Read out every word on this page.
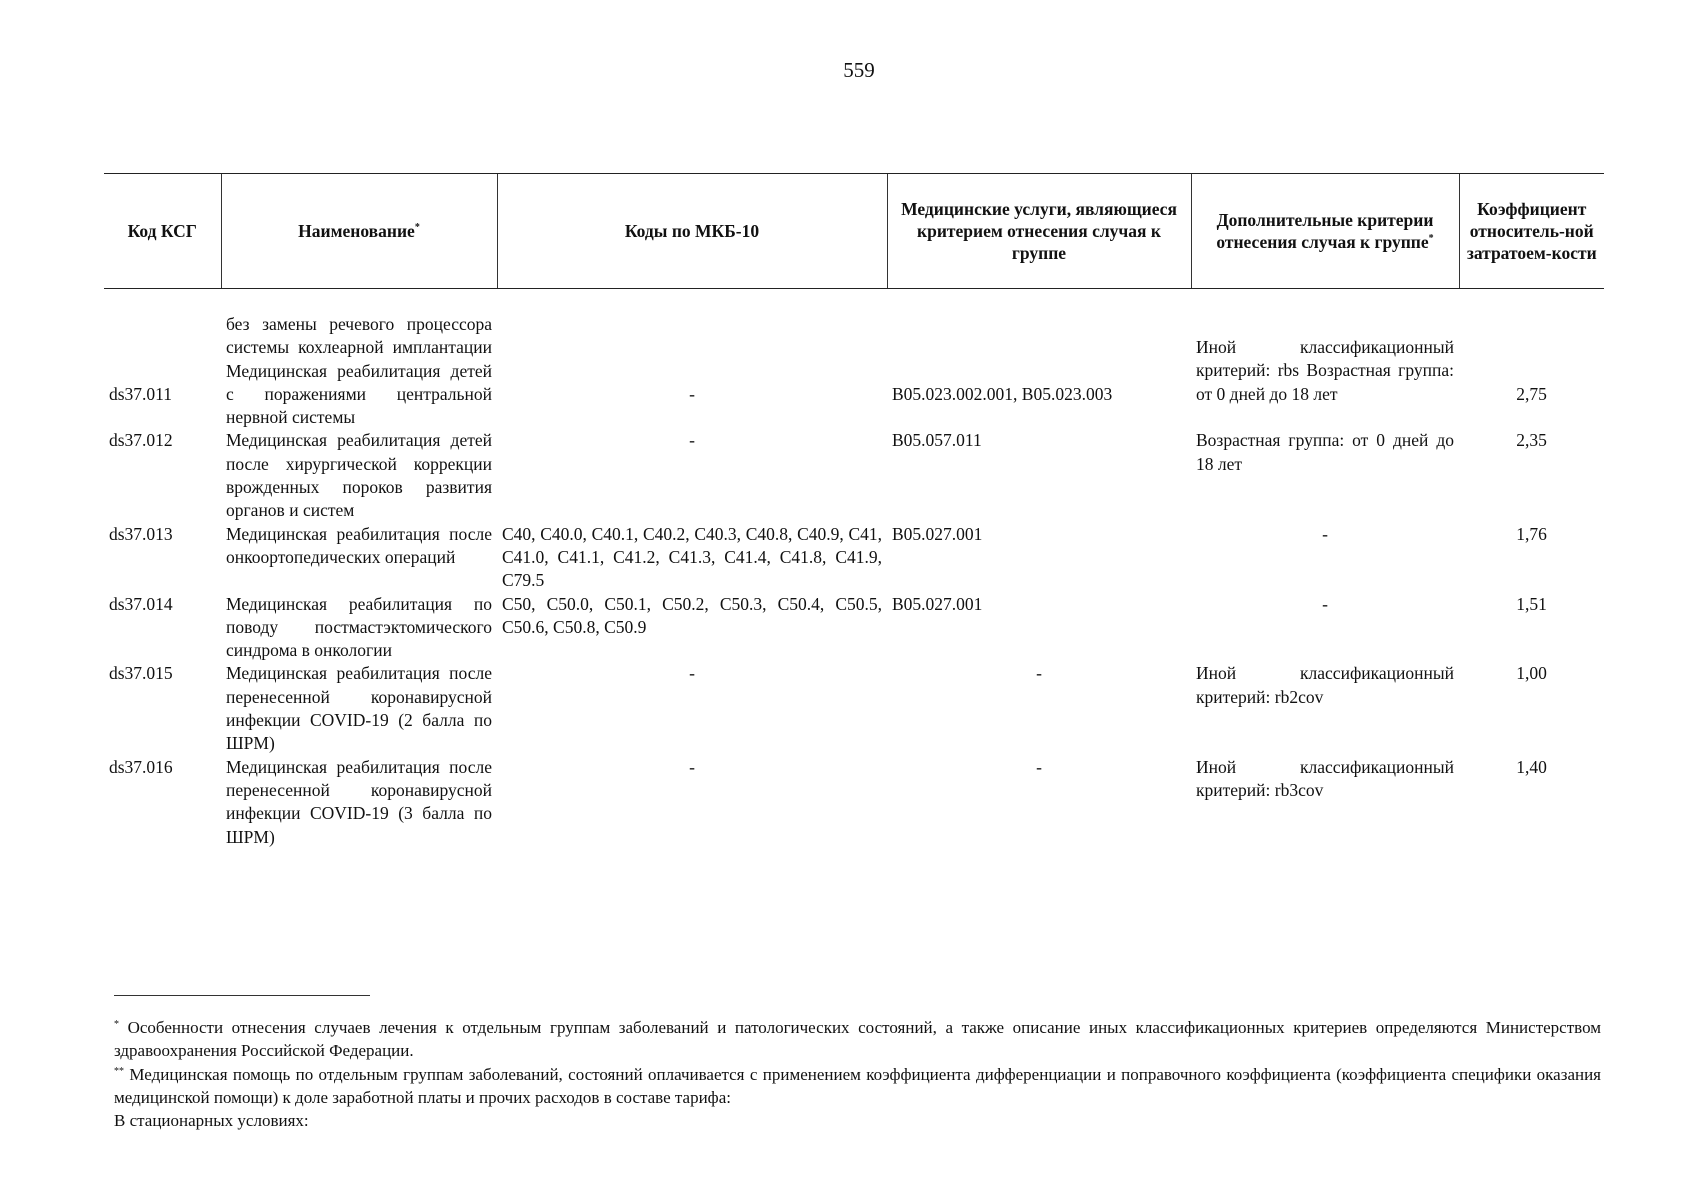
559
Код КСГ	Наименование*	Коды по МКБ-10	Медицинские услуги, являющиеся критерием отнесения случая к группе	Дополнительные критерии отнесения случая к группе*	Коэффициент относитель-ной затратоем-кости
ds37.011	без замены речевого процессора системы кохлеарной имплантации Медицинская реабилитация детей с поражениями центральной нервной системы	-	B05.023.002.001, B05.023.003	Иной классификационный критерий: rbs Возрастная группа: от 0 дней до 18 лет	2,75
ds37.012	Медицинская реабилитация детей после хирургической коррекции врожденных пороков развития органов и систем	-	B05.057.011	Возрастная группа: от 0 дней до 18 лет	2,35
ds37.013	Медицинская реабилитация после онкоортопедических операций	C40, C40.0, C40.1, C40.2, C40.3, C40.8, C40.9, C41, C41.0, C41.1, C41.2, C41.3, C41.4, C41.8, C41.9, C79.5	B05.027.001	-	1,76
ds37.014	Медицинская реабилитация по поводу постмастэктомического синдрома в онкологии	C50, C50.0, C50.1, C50.2, C50.3, C50.4, C50.5, C50.6, C50.8, C50.9	B05.027.001	-	1,51
ds37.015	Медицинская реабилитация после перенесенной коронавирусной инфекции COVID-19 (2 балла по ШРМ)	-	-	Иной классификационный критерий: rb2cov	1,00
ds37.016	Медицинская реабилитация после перенесенной коронавирусной инфекции COVID-19 (3 балла по ШРМ)	-	-	Иной классификационный критерий: rb3cov	1,40

* Особенности отнесения случаев лечения к отдельным группам заболеваний и патологических состояний, а также описание иных классификационных критериев определяются Министерством здравоохранения Российской Федерации.

** Медицинская помощь по отдельным группам заболеваний, состояний оплачивается с применением коэффициента дифференциации и поправочного коэффициента (коэффициента специфики оказания медицинской помощи) к доле заработной платы и прочих расходов в составе тарифа:

В стационарных условиях:
